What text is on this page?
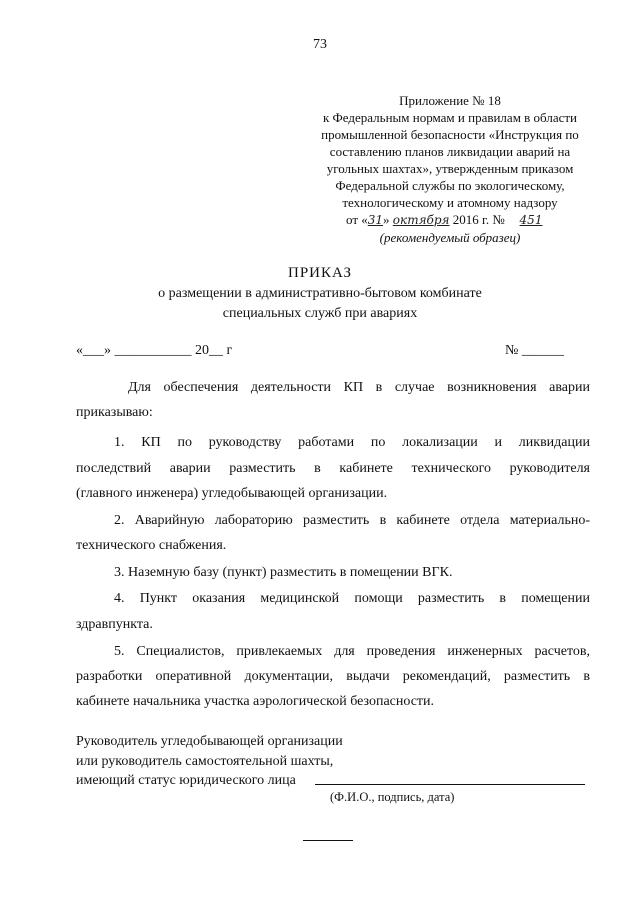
73
Приложение № 18
к Федеральным нормам и правилам в области
промышленной безопасности «Инструкция по
составлению планов ликвидации аварий на
угольных шахтах», утвержденным приказом
Федеральной службы по экологическому,
технологическому и атомному надзору
от «31» октября 2016 г. № 451
(рекомендуемый образец)
ПРИКАЗ
о размещении в административно-бытовом комбинате
специальных служб при авариях
«___» ___________ 20__ г	№ ______
Для обеспечения деятельности КП в случае возникновения аварии
приказываю:
1. КП по руководству работами по локализации и ликвидации
последствий аварии разместить в кабинете технического руководителя
(главного инженера) угледобывающей организации.
2. Аварийную лабораторию разместить в кабинете отдела материально-
технического снабжения.
3. Наземную базу (пункт) разместить в помещении ВГК.
4. Пункт оказания медицинской помощи разместить в помещении
здравпункта.
5. Специалистов, привлекаемых для проведения инженерных расчетов,
разработки оперативной документации, выдачи рекомендаций, разместить в
кабинете начальника участка аэрологической безопасности.
Руководитель угледобывающей организации
или руководитель самостоятельной шахты,
имеющий статус юридического лица
(Ф.И.О., подпись, дата)
